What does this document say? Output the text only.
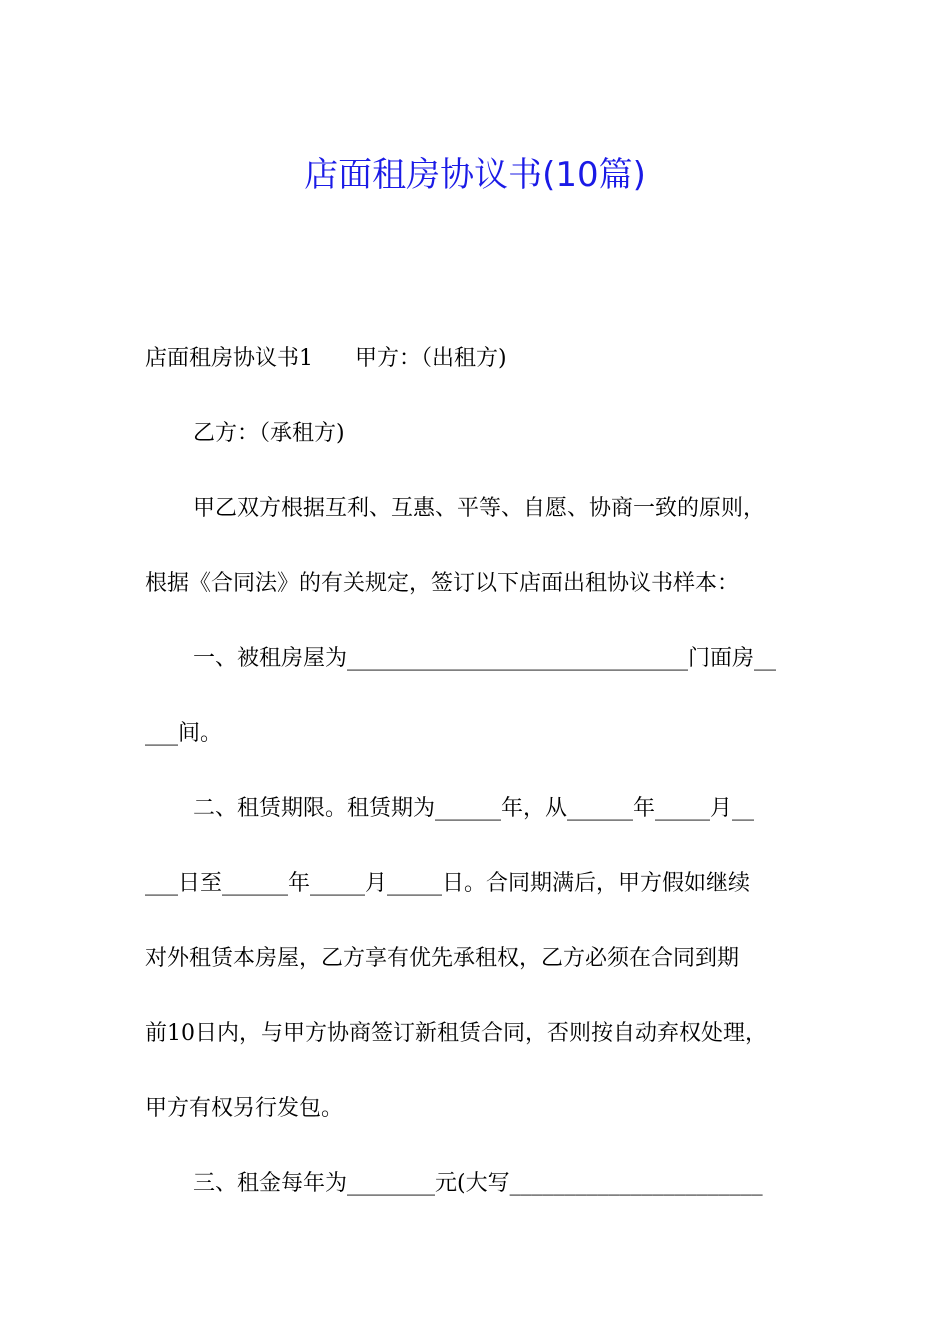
店面租房协议书(10篇)
店面租房协议书1 甲方：（出租方)
乙方：（承租方)
甲乙双方根据互利、互惠、平等、自愿、协商一致的原则，
根据《合同法》的有关规定，签订以下店面出租协议书样本：
一、被租房屋为_______________________________门面房__
___间。
二、租赁期限。租赁期为______年，从______年_____月__
___日至______年_____月_____日。合同期满后，甲方假如继续
对外租赁本房屋，乙方享有优先承租权，乙方必须在合同到期
前10日内，与甲方协商签订新租赁合同，否则按自动弃权处理，
甲方有权另行发包。
三、租金每年为________元(大写_______________________
